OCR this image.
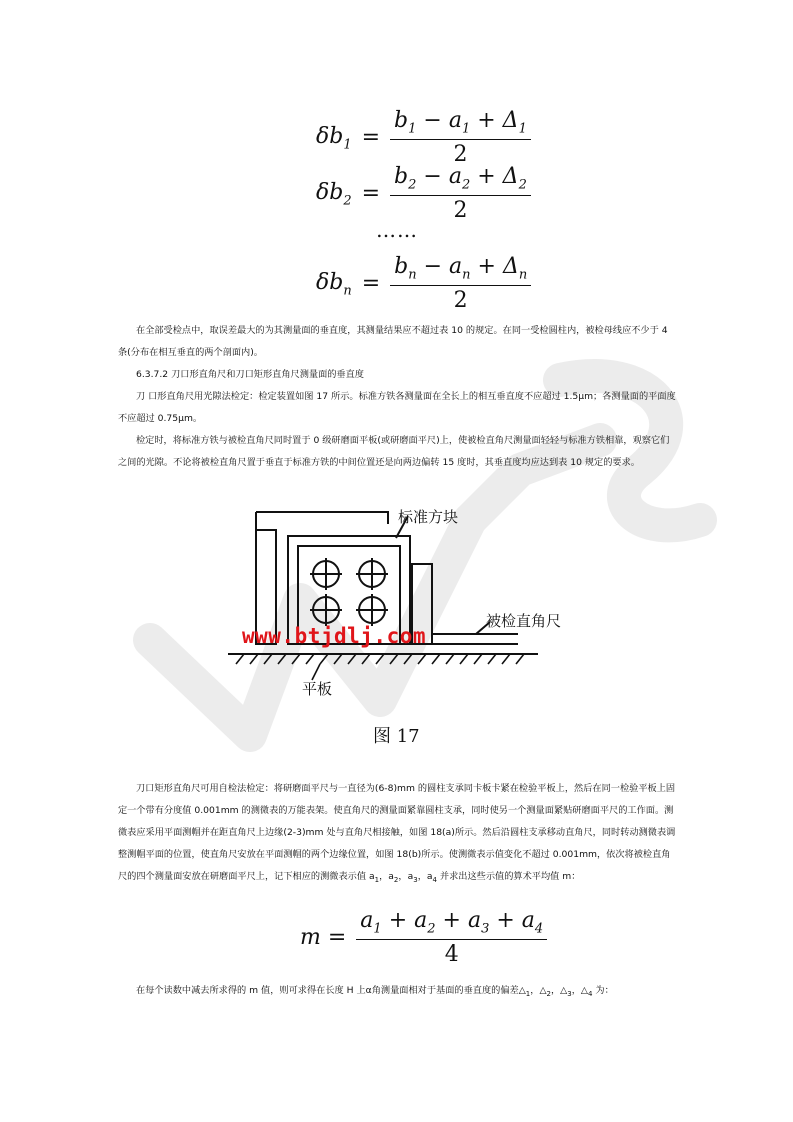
$\delta b_1 = \frac{b_1 - a_1 + \Delta_1}{2}$
$\delta b_2 = \frac{b_2 - a_2 + \Delta_2}{2}$
……
$\delta b_n = \frac{b_n - a_n + \Delta_n}{2}$

在全部受检点中，取误差最大的为其测量面的垂直度，其测量结果应不超过表 10 的规定。在同一受检圆柱内，被检母线应不少于 4 条(分布在相互垂直的两个剖面内)。

6.3.7.2 刀口形直角尺和刀口矩形直角尺测量面的垂直度

刀 口形直角尺用光隙法检定：检定装置如图 17 所示。标准方铁各测量面在全长上的相互垂直度不应超过 1.5μm；各测量面的平面度不应超过 0.75μm。

检定时，将标准方铁与被检直角尺同时置于 0 级研磨面平板(或研磨面平尺)上，使被检直角尺测量面轻轻与标准方铁相靠，观察它们之间的光隙。不论将被检直角尺置于垂直于标准方铁的中间位置还是向两边偏转 15 度时，其垂直度均应达到表 10 规定的要求。

标准方块
被检直角尺
平板
www.btjdlj.com
图 17

刀口矩形直角尺可用自检法检定：将研磨面平尺与一直径为(6-8)mm 的圆柱支承同卡板卡紧在检验平板上，然后在同一检验平板上固定一个带有分度值 0.001mm 的测微表的万能表架。使直角尺的测量面紧靠圆柱支承，同时使另一个测量面紧贴研磨面平尺的工作面。测微表应采用平面测帽并在距直角尺上边缘(2-3)mm 处与直角尺相接触，如图 18(a)所示。然后沿圆柱支承移动直角尺，同时转动测微表调整测帽平面的位置，使直角尺安放在平面测帽的两个边缘位置，如图 18(b)所示。使测微表示值变化不超过 0.001mm，依次将被检直角尺的四个测量面安放在研磨面平尺上，记下相应的测微表示值 $a_1$，$a_2$，$a_3$，$a_4$ 并求出这些示值的算术平均值 m：

$m = \frac{a_1 + a_2 + a_3 + a_4}{4}$

在每个读数中减去所求得的 m 值，则可求得在长度 H 上α角测量面相对于基面的垂直度的偏差$\triangle_1$，$\triangle_2$，$\triangle_3$，$\triangle_4$ 为：
